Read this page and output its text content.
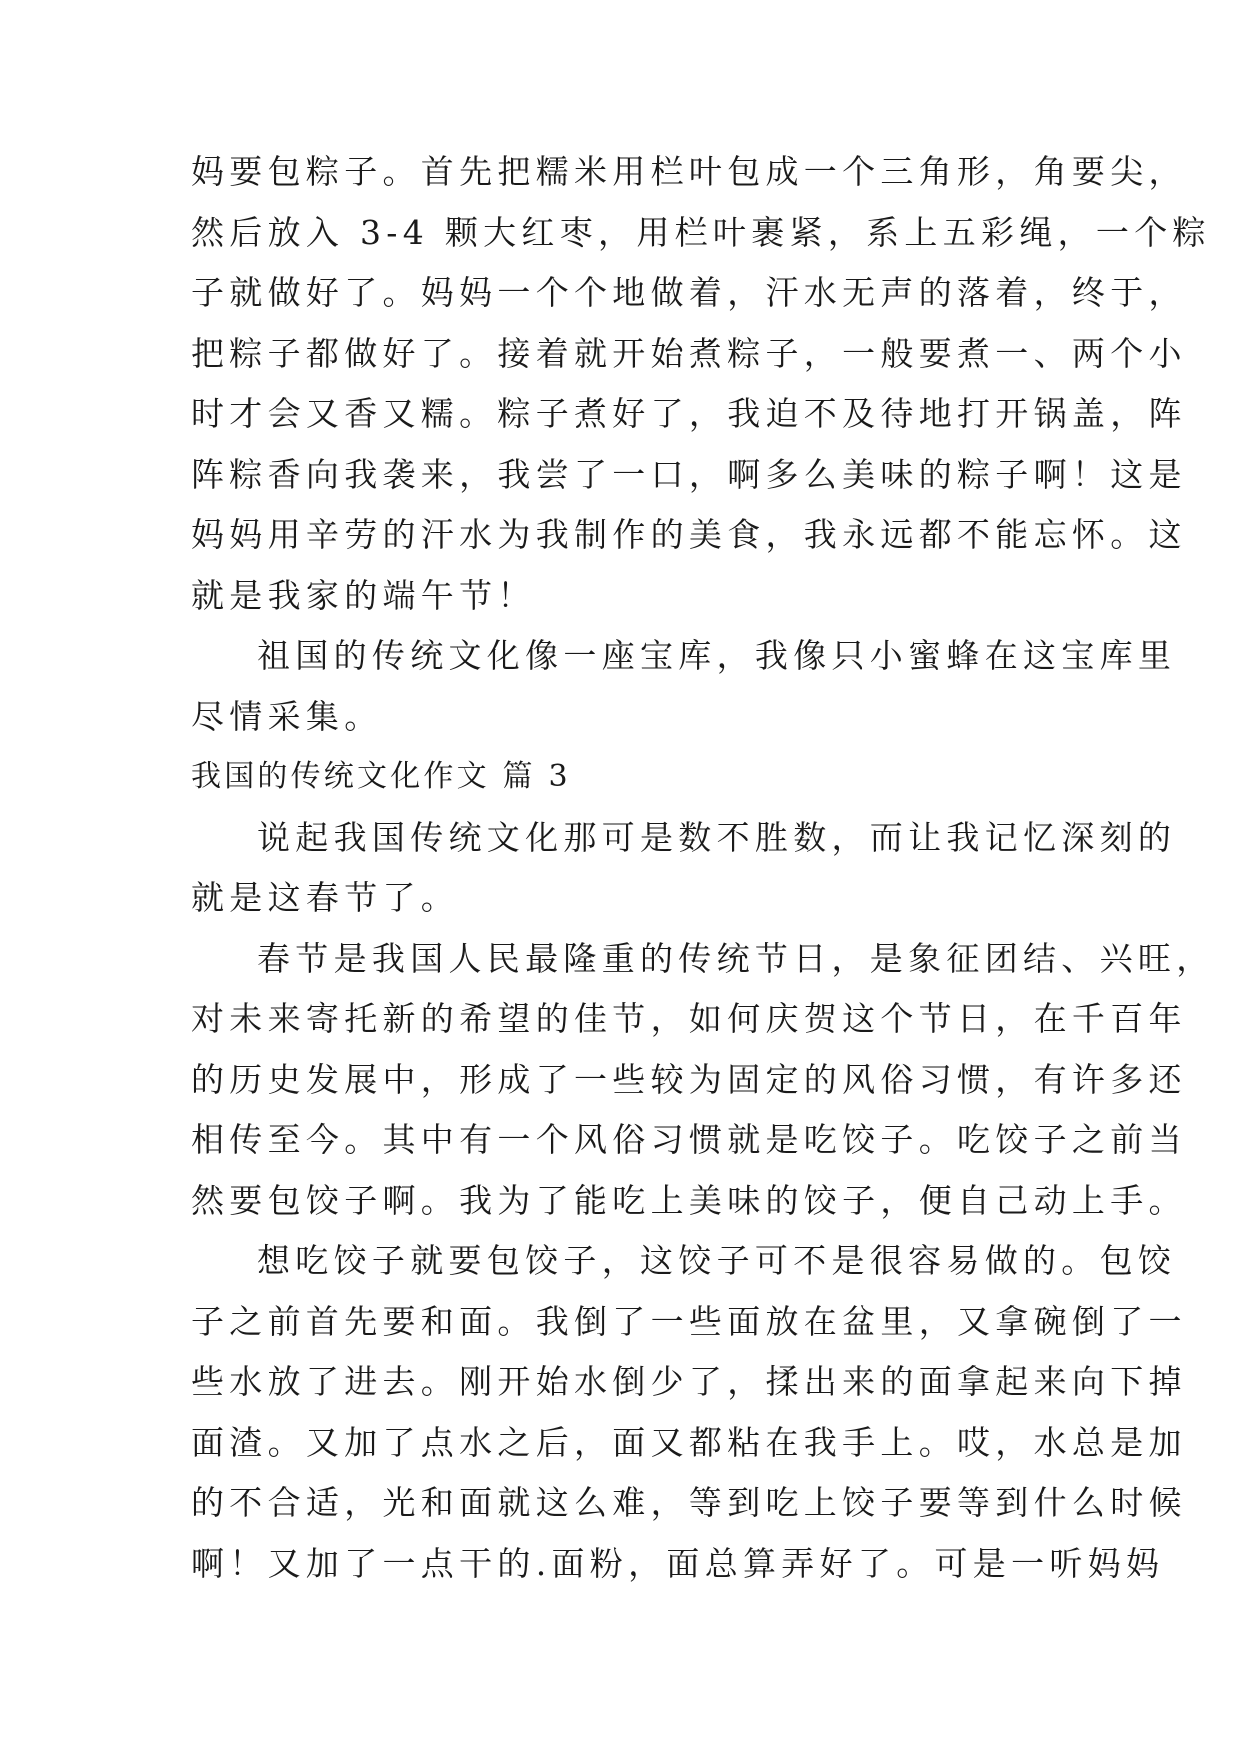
妈要包粽子。首先把糯米用栏叶包成一个三角形，角要尖，
然后放入 3-4 颗大红枣，用栏叶裹紧，系上五彩绳，一个粽
子就做好了。妈妈一个个地做着，汗水无声的落着，终于，
把粽子都做好了。接着就开始煮粽子，一般要煮一、两个小
时才会又香又糯。粽子煮好了，我迫不及待地打开锅盖，阵
阵粽香向我袭来，我尝了一口，啊多么美味的粽子啊！这是
妈妈用辛劳的汗水为我制作的美食，我永远都不能忘怀。这
就是我家的端午节！
祖国的传统文化像一座宝库，我像只小蜜蜂在这宝库里
尽情采集。
我国的传统文化作文 篇 3
说起我国传统文化那可是数不胜数，而让我记忆深刻的
就是这春节了。
春节是我国人民最隆重的传统节日，是象征团结、兴旺，
对未来寄托新的希望的佳节，如何庆贺这个节日，在千百年
的历史发展中，形成了一些较为固定的风俗习惯，有许多还
相传至今。其中有一个风俗习惯就是吃饺子。吃饺子之前当
然要包饺子啊。我为了能吃上美味的饺子，便自己动上手。
想吃饺子就要包饺子，这饺子可不是很容易做的。包饺
子之前首先要和面。我倒了一些面放在盆里，又拿碗倒了一
些水放了进去。刚开始水倒少了，揉出来的面拿起来向下掉
面渣。又加了点水之后，面又都粘在我手上。哎，水总是加
的不合适，光和面就这么难，等到吃上饺子要等到什么时候
啊！又加了一点干的.面粉，面总算弄好了。可是一听妈妈
